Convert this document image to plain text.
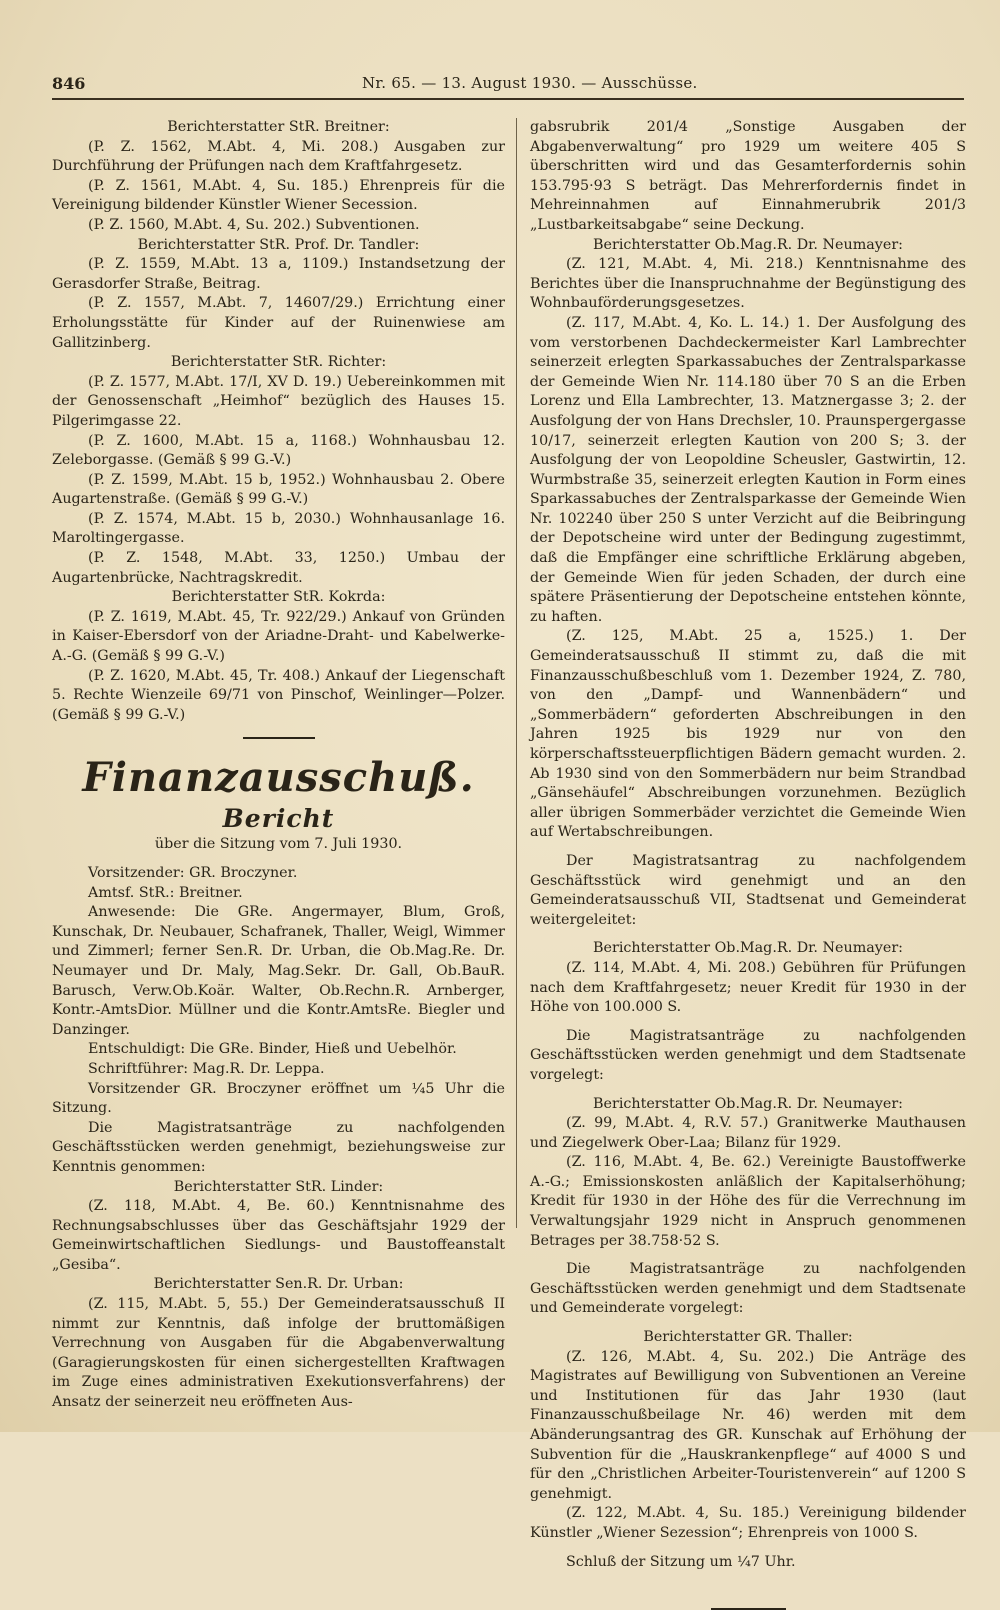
846	Nr. 65. — 13. August 1930. — Ausschüsse.

Berichterstatter StR. Breitner:

(P. Z. 1562, M.Abt. 4, Mi. 208.) Ausgaben zur Durchführung der Prüfungen nach dem Kraftfahrgesetz.

(P. Z. 1561, M.Abt. 4, Su. 185.) Ehrenpreis für die Vereinigung bildender Künstler Wiener Secession.

(P. Z. 1560, M.Abt. 4, Su. 202.) Subventionen.

Berichterstatter StR. Prof. Dr. Tandler:

(P. Z. 1559, M.Abt. 13 a, 1109.) Instandsetzung der Gerasdorfer Straße, Beitrag.

(P. Z. 1557, M.Abt. 7, 14607/29.) Errichtung einer Erholungsstätte für Kinder auf der Ruinenwiese am Gallitzinberg.

Berichterstatter StR. Richter:

(P. Z. 1577, M.Abt. 17/I, XV D. 19.) Uebereinkommen mit der Genossenschaft „Heimhof“ bezüglich des Hauses 15. Pilgerimgasse 22.

(P. Z. 1600, M.Abt. 15 a, 1168.) Wohnhausbau 12. Zeleborgasse. (Gemäß § 99 G.-V.)

(P. Z. 1599, M.Abt. 15 b, 1952.) Wohnhausbau 2. Obere Augartenstraße. (Gemäß § 99 G.-V.)

(P. Z. 1574, M.Abt. 15 b, 2030.) Wohnhausanlage 16. Maroltingergasse.

(P. Z. 1548, M.Abt. 33, 1250.) Umbau der Augartenbrücke, Nachtragskredit.

Berichterstatter StR. Kokrda:

(P. Z. 1619, M.Abt. 45, Tr. 922/29.) Ankauf von Gründen in Kaiser-Ebersdorf von der Ariadne-Draht- und Kabelwerke-A.-G. (Gemäß § 99 G.-V.)

(P. Z. 1620, M.Abt. 45, Tr. 408.) Ankauf der Liegenschaft 5. Rechte Wienzeile 69/71 von Pinschof, Weinlinger—Polzer. (Gemäß § 99 G.-V.)

Finanzausschuß.
Bericht

über die Sitzung vom 7. Juli 1930.

Vorsitzender: GR. Broczyner.

Amtsf. StR.: Breitner.

Anwesende: Die GRe. Angermayer, Blum, Groß, Kunschak, Dr. Neubauer, Schafranek, Thaller, Weigl, Wimmer und Zimmerl; ferner Sen.R. Dr. Urban, die Ob.Mag.Re. Dr. Neumayer und Dr. Maly, Mag.Sekr. Dr. Gall, Ob.BauR. Barusch, Verw.Ob.Koär. Walter, Ob.Rechn.R. Arnberger, Kontr.-AmtsDior. Müllner und die Kontr.AmtsRe. Biegler und Danzinger.

Entschuldigt: Die GRe. Binder, Hieß und Uebelhör.

Schriftführer: Mag.R. Dr. Leppa.

Vorsitzender GR. Broczyner eröffnet um ¼5 Uhr die Sitzung.

Die Magistratsanträge zu nachfolgenden Geschäftsstücken werden genehmigt, beziehungsweise zur Kenntnis genommen:

Berichterstatter StR. Linder:

(Z. 118, M.Abt. 4, Be. 60.) Kenntnisnahme des Rechnungsabschlusses über das Geschäftsjahr 1929 der Gemeinwirtschaftlichen Siedlungs- und Baustoffeanstalt „Gesiba“.

Berichterstatter Sen.R. Dr. Urban:

(Z. 115, M.Abt. 5, 55.) Der Gemeinderatsausschuß II nimmt zur Kenntnis, daß infolge der bruttomäßigen Verrechnung von Ausgaben für die Abgabenverwaltung (Garagierungskosten für einen sichergestellten Kraftwagen im Zuge eines administrativen Exekutionsverfahrens) der Ansatz der seinerzeit neu eröffneten Aus-

gabsrubrik 201/4 „Sonstige Ausgaben der Abgabenverwaltung“ pro 1929 um weitere 405 S überschritten wird und das Gesamterfordernis sohin 153.795·93 S beträgt. Das Mehrerfordernis findet in Mehreinnahmen auf Einnahmerubrik 201/3 „Lustbarkeitsabgabe“ seine Deckung.

Berichterstatter Ob.Mag.R. Dr. Neumayer:

(Z. 121, M.Abt. 4, Mi. 218.) Kenntnisnahme des Berichtes über die Inanspruchnahme der Begünstigung des Wohnbauförderungsgesetzes.

(Z. 117, M.Abt. 4, Ko. L. 14.) 1. Der Ausfolgung des vom verstorbenen Dachdeckermeister Karl Lambrechter seinerzeit erlegten Sparkassabuches der Zentralsparkasse der Gemeinde Wien Nr. 114.180 über 70 S an die Erben Lorenz und Ella Lambrechter, 13. Matznergasse 3; 2. der Ausfolgung der von Hans Drechsler, 10. Praunspergergasse 10/17, seinerzeit erlegten Kaution von 200 S; 3. der Ausfolgung der von Leopoldine Scheusler, Gastwirtin, 12. Wurmbstraße 35, seinerzeit erlegten Kaution in Form eines Sparkassabuches der Zentralsparkasse der Gemeinde Wien Nr. 102240 über 250 S unter Verzicht auf die Beibringung der Depotscheine wird unter der Bedingung zugestimmt, daß die Empfänger eine schriftliche Erklärung abgeben, der Gemeinde Wien für jeden Schaden, der durch eine spätere Präsentierung der Depotscheine entstehen könnte, zu haften.

(Z. 125, M.Abt. 25 a, 1525.) 1. Der Gemeinderatsausschuß II stimmt zu, daß die mit Finanzausschußbeschluß vom 1. Dezember 1924, Z. 780, von den „Dampf- und Wannenbädern“ und „Sommerbädern“ geforderten Abschreibungen in den Jahren 1925 bis 1929 nur von den körperschaftssteuerpflichtigen Bädern gemacht wurden. 2. Ab 1930 sind von den Sommerbädern nur beim Strandbad „Gänsehäufel“ Abschreibungen vorzunehmen. Bezüglich aller übrigen Sommerbäder verzichtet die Gemeinde Wien auf Wertabschreibungen.

Der Magistratsantrag zu nachfolgendem Geschäftsstück wird genehmigt und an den Gemeinderatsausschuß VII, Stadtsenat und Gemeinderat weitergeleitet:

Berichterstatter Ob.Mag.R. Dr. Neumayer:

(Z. 114, M.Abt. 4, Mi. 208.) Gebühren für Prüfungen nach dem Kraftfahrgesetz; neuer Kredit für 1930 in der Höhe von 100.000 S.

Die Magistratsanträge zu nachfolgenden Geschäftsstücken werden genehmigt und dem Stadtsenate vorgelegt:

Berichterstatter Ob.Mag.R. Dr. Neumayer:

(Z. 99, M.Abt. 4, R.V. 57.) Granitwerke Mauthausen und Ziegelwerk Ober-Laa; Bilanz für 1929.

(Z. 116, M.Abt. 4, Be. 62.) Vereinigte Baustoffwerke A.-G.; Emissionskosten anläßlich der Kapitalserhöhung; Kredit für 1930 in der Höhe des für die Verrechnung im Verwaltungsjahr 1929 nicht in Anspruch genommenen Betrages per 38.758·52 S.

Die Magistratsanträge zu nachfolgenden Geschäftsstücken werden genehmigt und dem Stadtsenate und Gemeinderate vorgelegt:

Berichterstatter GR. Thaller:

(Z. 126, M.Abt. 4, Su. 202.) Die Anträge des Magistrates auf Bewilligung von Subventionen an Vereine und Institutionen für das Jahr 1930 (laut Finanzausschußbeilage Nr. 46) werden mit dem Abänderungsantrag des GR. Kunschak auf Erhöhung der Subvention für die „Hauskrankenpflege“ auf 4000 S und für den „Christlichen Arbeiter-Touristenverein“ auf 1200 S genehmigt.

(Z. 122, M.Abt. 4, Su. 185.) Vereinigung bildender Künstler „Wiener Sezession“; Ehrenpreis von 1000 S.

Schluß der Sitzung um ¼7 Uhr.
